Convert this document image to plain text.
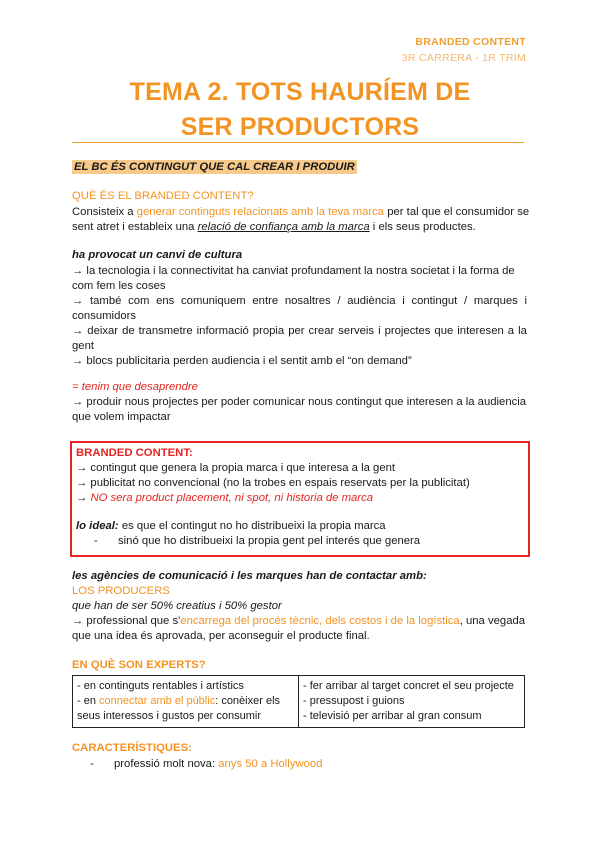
BRANDED CONTENT
3R CARRERA - 1R TRIM
TEMA 2. TOTS HAURÍEM DE
SER PRODUCTORS
EL BC ÉS CONTINGUT QUE CAL CREAR I PRODUIR
QUÈ ÉS EL BRANDED CONTENT?
Consisteix a generar continguts relacionats amb la teva marca per tal que el consumidor se
sent atret i estableix una relació de confiança amb la marca i els seus productes.
ha provocat un canvi de cultura
→ la tecnologia i la connectivitat ha canviat profundament la nostra societat i la forma de
com fem les coses
→ també com ens comuniquem entre nosaltres / audiència i contingut / marques i
consumidors
→ deixar de transmetre informació propia per crear serveis i projectes que interesen a la
gent
→ blocs publicitaria perden audiencia i el sentit amb el “on demand”
= tenim que desaprendre
→ produir nous projectes per poder comunicar nous contingut que interesen a la audiencia
que volem impactar
BRANDED CONTENT:
→ contingut que genera la propia marca i que interesa a la gent
→ publicitat no convencional (no la trobes en espais reservats per la publicitat)
→ NO sera product placement, ni spot, ni historia de marca
lo ideal: es que el contingut no ho distribueixi la propia marca
- sinó que ho distribueixi la propia gent pel interés que genera
les agències de comunicació i les marques han de contactar amb:
LOS PRODUCERS
que han de ser 50% creatius i 50% gestor
→ professional que s'encarrega del procés tècnic, dels costos i de la logística, una vegada
que una idea és aprovada, per aconseguir el producte final.
EN QUÈ SON EXPERTS?
- en continguts rentables i artístics
- en connectar amb el públic: conèixer els
seus interessos i gustos per consumir

- fer arribar al target concret el seu projecte
- pressupost i guions
- televisió per arribar al gran consum
CARACTERÍSTIQUES:
- professió molt nova: anys 50 a Hollywood
